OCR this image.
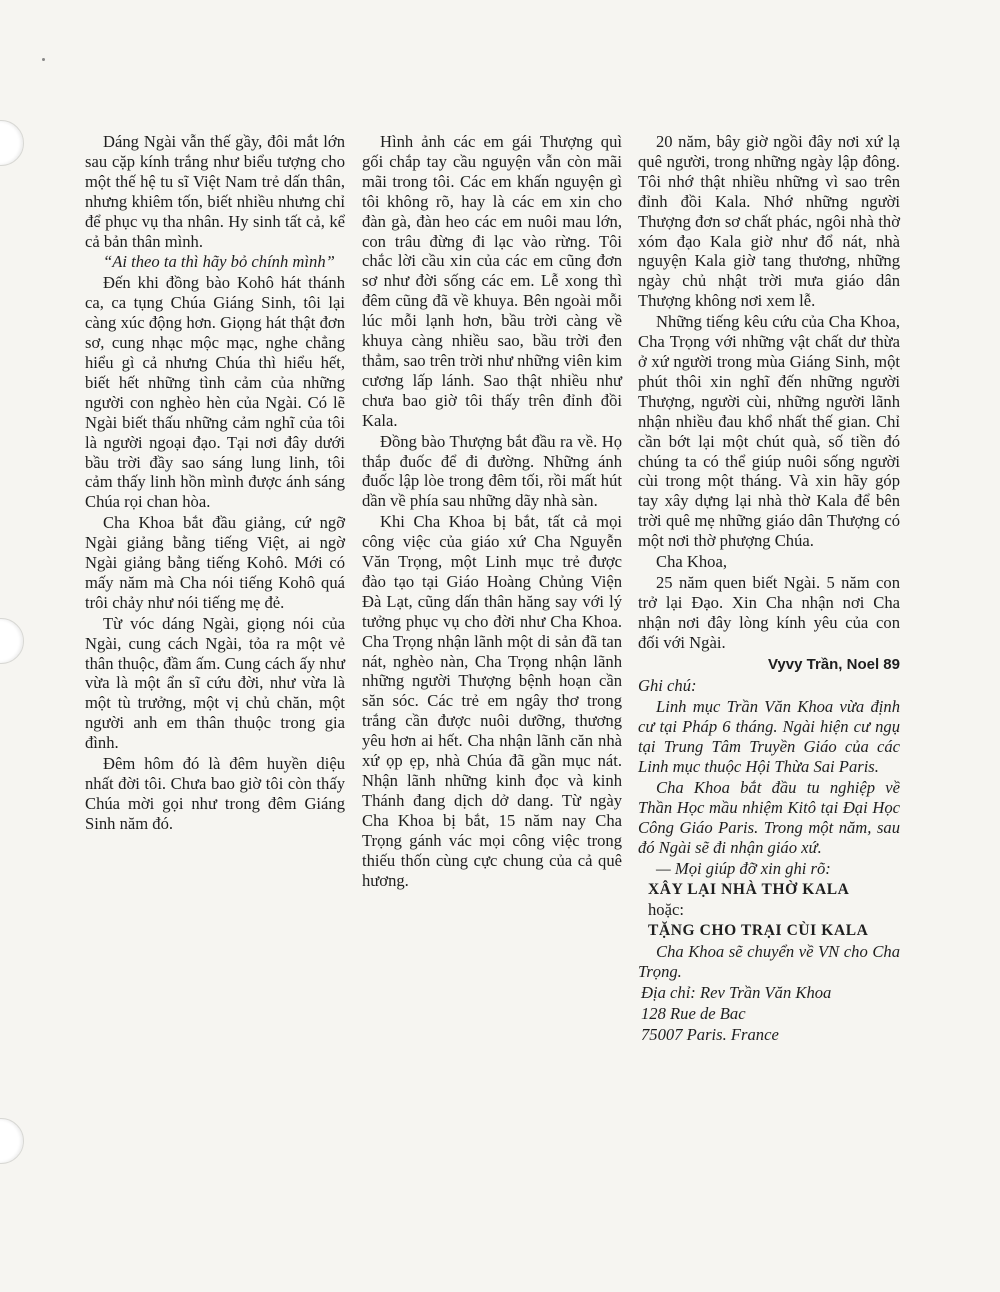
Dáng Ngài vẫn thế gầy, đôi mắt lớn sau cặp kính trắng như biểu tượng cho một thế hệ tu sĩ Việt Nam trẻ dấn thân, nhưng khiêm tốn, biết nhiều nhưng chỉ để phục vụ tha nhân. Hy sinh tất cả, kể cả bản thân mình.

“Ai theo ta thì hãy bỏ chính mình”

Đến khi đồng bào Kohô hát thánh ca, ca tụng Chúa Giáng Sinh, tôi lại càng xúc động hơn. Giọng hát thật đơn sơ, cung nhạc mộc mạc, nghe chẳng hiểu gì cả nhưng Chúa thì hiểu hết, biết hết những tình cảm của những người con nghèo hèn của Ngài. Có lẽ Ngài biết thấu những cảm nghĩ của tôi là người ngoại đạo. Tại nơi đây dưới bầu trời đầy sao sáng lung linh, tôi cảm thấy linh hồn mình được ánh sáng Chúa rọi chan hòa.

Cha Khoa bắt đầu giảng, cứ ngỡ Ngài giảng bằng tiếng Việt, ai ngờ Ngài giảng bằng tiếng Kohô. Mới có mấy năm mà Cha nói tiếng Kohô quá trôi chảy như nói tiếng mẹ đẻ.

Từ vóc dáng Ngài, giọng nói của Ngài, cung cách Ngài, tỏa ra một vẻ thân thuộc, đầm ấm. Cung cách ấy như vừa là một ẩn sĩ cứu đời, như vừa là một tù trưởng, một vị chủ chăn, một người anh em thân thuộc trong gia đình.

Đêm hôm đó là đêm huyền diệu nhất đời tôi. Chưa bao giờ tôi còn thấy Chúa mời gọi như trong đêm Giáng Sinh năm đó.

Hình ảnh các em gái Thượng quì gối chắp tay cầu nguyện vẫn còn mãi mãi trong tôi. Các em khấn nguyện gì tôi không rõ, hay là các em xin cho đàn gà, đàn heo các em nuôi mau lớn, con trâu đừng đi lạc vào rừng. Tôi chắc lời cầu xin của các em cũng đơn sơ như đời sống các em. Lễ xong thì đêm cũng đã về khuya. Bên ngoài mỗi lúc mỗi lạnh hơn, bầu trời càng về khuya càng nhiều sao, bầu trời đen thẳm, sao trên trời như những viên kim cương lấp lánh. Sao thật nhiều như chưa bao giờ tôi thấy trên đỉnh đồi Kala.

Đồng bào Thượng bắt đầu ra về. Họ thắp đuốc để đi đường. Những ánh đuốc lập lòe trong đêm tối, rồi mất hút dần về phía sau những dãy nhà sàn.

Khi Cha Khoa bị bắt, tất cả mọi công việc của giáo xứ Cha Nguyễn Văn Trọng, một Linh mục trẻ được đào tạo tại Giáo Hoàng Chủng Viện Đà Lạt, cũng dấn thân hăng say với lý tưởng phục vụ cho đời như Cha Khoa. Cha Trọng nhận lãnh một di sản đã tan nát, nghèo nàn, Cha Trọng nhận lãnh những người Thượng bệnh hoạn cần săn sóc. Các trẻ em ngây thơ trong trắng cần được nuôi dưỡng, thương yêu hơn ai hết. Cha nhận lãnh căn nhà xứ ọp ẹp, nhà Chúa đã gần mục nát. Nhận lãnh những kinh đọc và kinh Thánh đang dịch dở dang. Từ ngày Cha Khoa bị bắt, 15 năm nay Cha Trọng gánh vác mọi công việc trong thiếu thốn cùng cực chung của cả quê hương.

20 năm, bây giờ ngồi đây nơi xứ lạ quê người, trong những ngày lập đông. Tôi nhớ thật nhiều những vì sao trên đỉnh đồi Kala. Nhớ những người Thượng đơn sơ chất phác, ngôi nhà thờ xóm đạo Kala giờ như đổ nát, nhà nguyện Kala giờ tang thương, những ngày chủ nhật trời mưa giáo dân Thượng không nơi xem lễ.

Những tiếng kêu cứu của Cha Khoa, Cha Trọng với những vật chất dư thừa ở xứ người trong mùa Giáng Sinh, một phút thôi xin nghĩ đến những người Thượng, người cùi, những người lãnh nhận nhiều đau khổ nhất thế gian. Chỉ cần bớt lại một chút quà, số tiền đó chúng ta có thể giúp nuôi sống người cùi trong một tháng. Và xin hãy góp tay xây dựng lại nhà thờ Kala để bên trời quê mẹ những giáo dân Thượng có một nơi thờ phượng Chúa.

Cha Khoa,

25 năm quen biết Ngài. 5 năm con trở lại Đạo. Xin Cha nhận nơi Cha nhận nơi đây lòng kính yêu của con đối với Ngài.

Vyvy Trần, Noel 89

Ghi chú:

Linh mục Trần Văn Khoa vừa định cư tại Pháp 6 tháng. Ngài hiện cư ngụ tại Trung Tâm Truyền Giáo của các Linh mục thuộc Hội Thừa Sai Paris.

Cha Khoa bắt đầu tu nghiệp về Thần Học mầu nhiệm Kitô tại Đại Học Công Giáo Paris. Trong một năm, sau đó Ngài sẽ đi nhận giáo xứ.

— Mọi giúp đỡ xin ghi rõ:

XÂY LẠI NHÀ THỜ KALA

hoặc:

TẶNG CHO TRẠI CÙI KALA

Cha Khoa sẽ chuyển về VN cho Cha Trọng.

Địa chỉ: Rev Trần Văn Khoa

128 Rue de Bac

75007 Paris. France
